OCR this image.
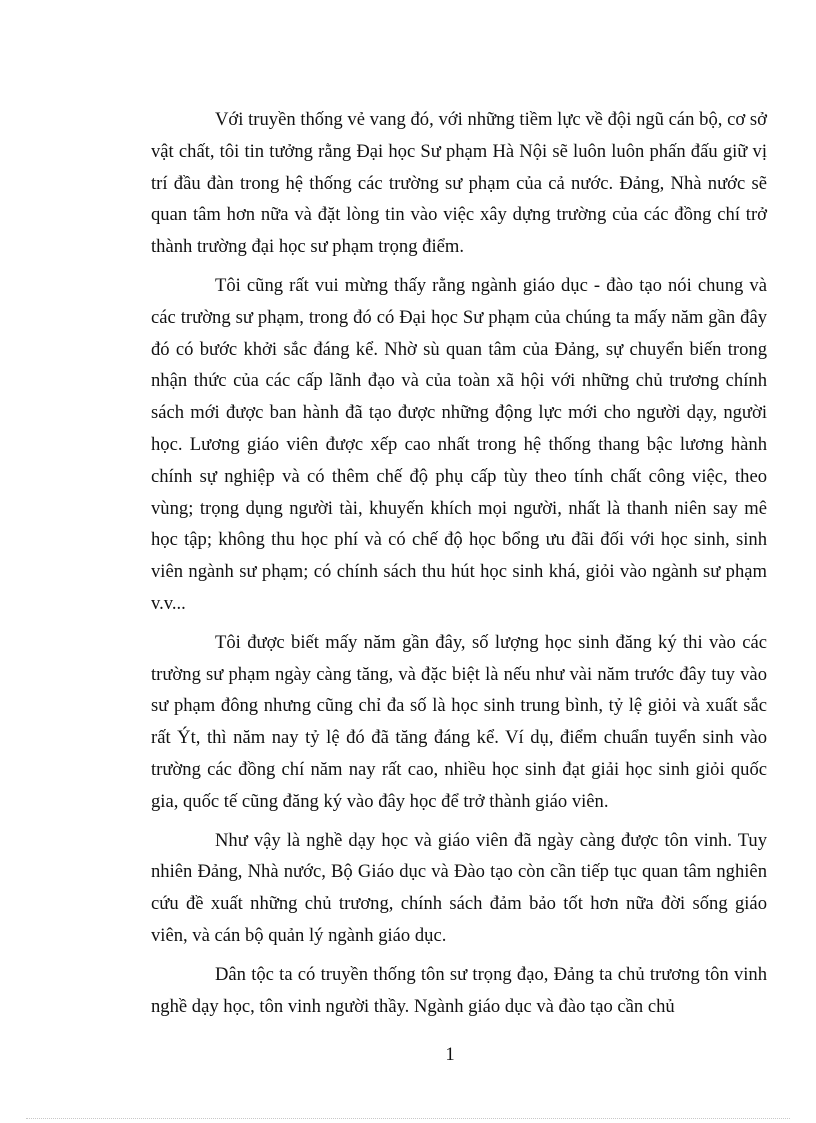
Với truyền thống vẻ vang đó, với những tiềm lực về đội ngũ cán bộ, cơ sở vật chất, tôi tin tưởng rằng Đại học Sư phạm Hà Nội sẽ luôn luôn phấn đấu giữ vị trí đầu đàn trong hệ thống các trường sư phạm của cả nước. Đảng, Nhà nước sẽ quan tâm hơn nữa và đặt lòng tin vào việc xây dựng trường của các đồng chí trở thành trường đại học sư phạm trọng điểm.

Tôi cũng rất vui mừng thấy rằng ngành giáo dục - đào tạo nói chung và các trường sư phạm, trong đó có Đại học Sư phạm của chúng ta mấy năm gần đây đó có bước khởi sắc đáng kể. Nhờ sù quan tâm của Đảng, sự chuyển biến trong nhận thức của các cấp lãnh đạo và của toàn xã hội với những chủ trương chính sách mới được ban hành đã tạo được những động lực mới cho người dạy, người học. Lương giáo viên được xếp cao nhất trong hệ thống thang bậc lương hành chính sự nghiệp và có thêm chế độ phụ cấp tùy theo tính chất công việc, theo vùng; trọng dụng người tài, khuyến khích mọi người, nhất là thanh niên say mê học tập; không thu học phí và có chế độ học bổng ưu đãi đối với học sinh, sinh viên ngành sư phạm; có chính sách thu hút học sinh khá, giỏi vào ngành sư phạm v.v...

Tôi được biết mấy năm gần đây, số lượng học sinh đăng ký thi vào các trường sư phạm ngày càng tăng, và đặc biệt là nếu như vài năm trước đây tuy vào sư phạm đông nhưng cũng chỉ đa số là học sinh trung bình, tỷ lệ giỏi và xuất sắc rất Ýt, thì năm nay tỷ lệ đó đã tăng đáng kể. Ví dụ, điểm chuẩn tuyển sinh vào trường các đồng chí năm nay rất cao, nhiều học sinh đạt giải học sinh giỏi quốc gia, quốc tế cũng đăng ký vào đây học để trở thành giáo viên.

Như vậy là nghề dạy học và giáo viên đã ngày càng được tôn vinh. Tuy nhiên Đảng, Nhà nước, Bộ Giáo dục và Đào tạo còn cần tiếp tục quan tâm nghiên cứu đề xuất những chủ trương, chính sách đảm bảo tốt hơn nữa đời sống giáo viên, và cán bộ quản lý ngành giáo dục.

Dân tộc ta có truyền thống tôn sư trọng đạo, Đảng ta chủ trương tôn vinh nghề dạy học, tôn vinh người thầy. Ngành giáo dục và đào tạo cần chủ

1
